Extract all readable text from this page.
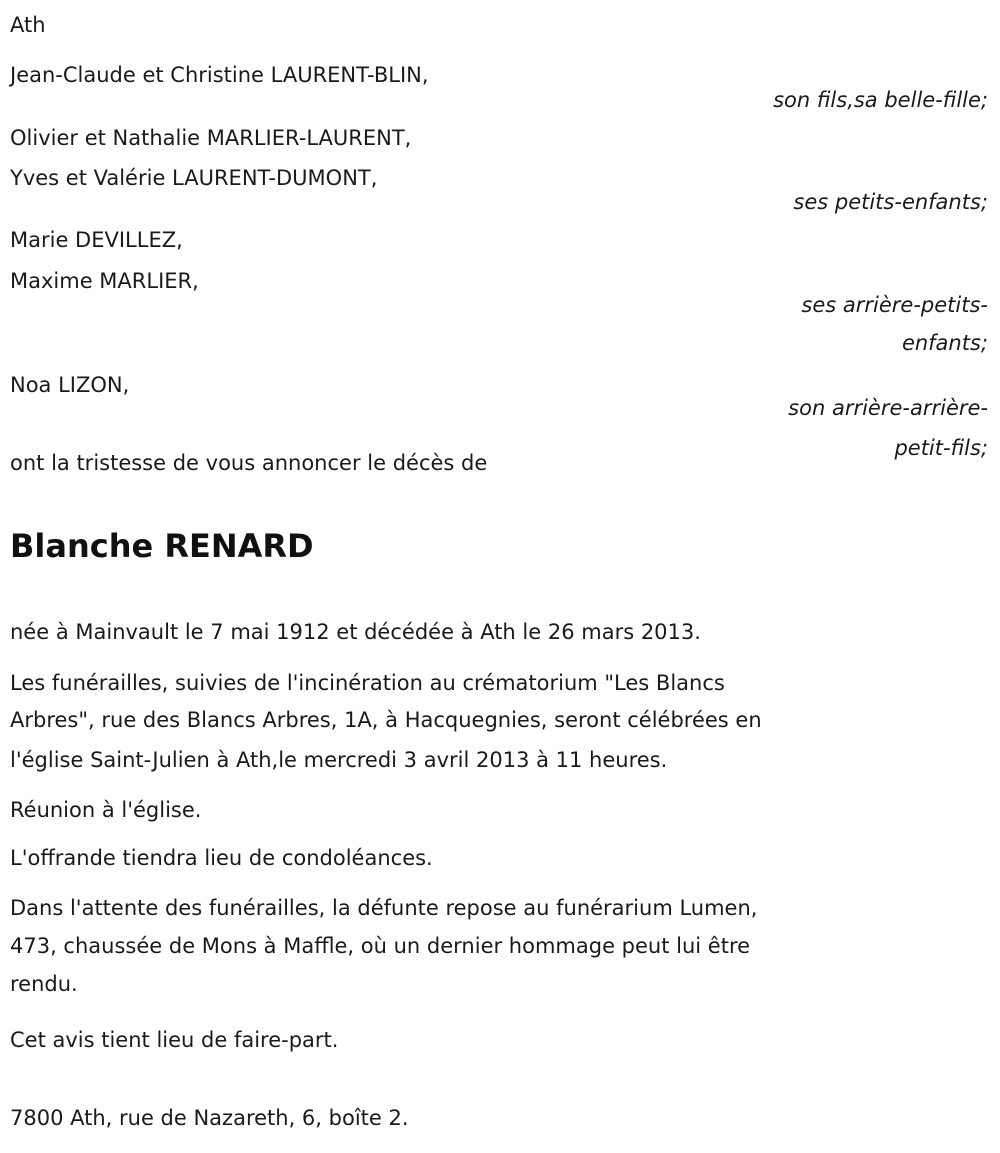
Ath
Jean-Claude et Christine LAURENT-BLIN,
son fils,sa belle-fille;
Olivier et Nathalie MARLIER-LAURENT,
Yves et Valérie LAURENT-DUMONT,
ses petits-enfants;
Marie DEVILLEZ,
Maxime MARLIER,
ses arrière-petits-
enfants;
Noa LIZON,
son arrière-arrière-
petit-fils;
ont la tristesse de vous annoncer le décès de
Blanche RENARD
née à Mainvault le 7 mai 1912 et décédée à Ath le 26 mars 2013.
Les funérailles, suivies de l'incinération au crématorium "Les Blancs
Arbres", rue des Blancs Arbres, 1A, à Hacquegnies, seront célébrées en
l'église Saint-Julien à Ath,le mercredi 3 avril 2013 à 11 heures.
Réunion à l'église.
L'offrande tiendra lieu de condoléances.
Dans l'attente des funérailles, la défunte repose au funérarium Lumen,
473, chaussée de Mons à Maffle, où un dernier hommage peut lui être
rendu.
Cet avis tient lieu de faire-part.
7800 Ath, rue de Nazareth, 6, boîte 2.
